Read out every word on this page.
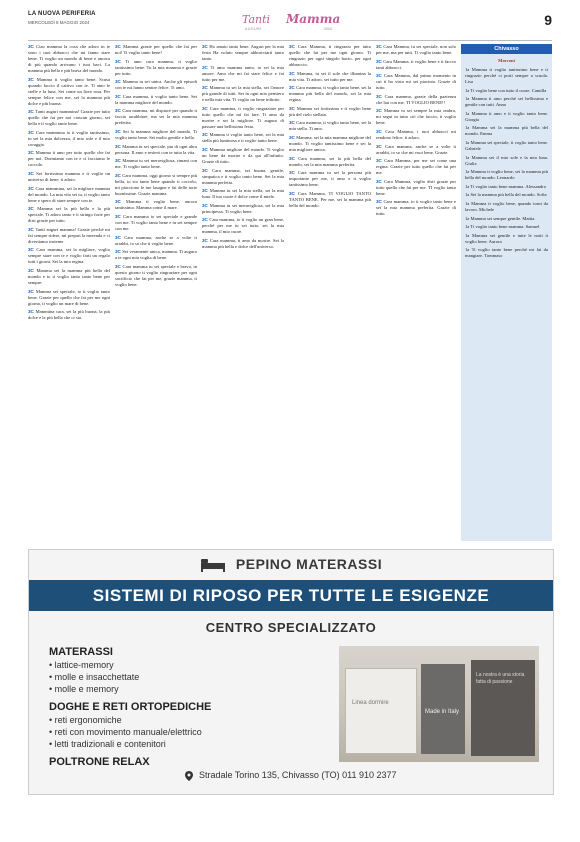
LA NUOVA PERIFERIA
MERCOLEDÌ 8 MAGGIO 2024	Tanti Mamma
AUGURI	2024
9

3C Ciao mamma la cosa che adoro in te sono i tuoi abbracci che mi fanno stare bene. Ti voglio un mondo di bene e ancora di più quando arrivano i tuoi baci. La mamma più bella e più brava del mondo.

3C Mamma ti voglio tanto bene. Scusa quando faccio il cattivo con te. Ti amo le stelle e la luna. Sei come un fiore rosa. Per sempre felice con me, sei la mamma più dolce e più buona.

3C Tanti auguri mammina! Grazie per tutto quello che fai per noi ciascun giorno, sei bella e ti voglio tanto bene.

3C Cara mammina io ti voglio tantissimo, tu sei la mia dolcezza, il mio sole e il mio coraggio.

3C Mamma ti amo per tutto quello che fai per noi. Dormiamo con te e ci facciamo le coccole.

3C Sei fortissima mamma e ti voglio un universo di bene, ti adoro.

3C Cara mammina, sei la migliore mamma del mondo. La mia vita sei tu, ti voglio tanto bene e spero di stare sempre con te.

3C Mamma sei la più bella e la più speciale. Ti adoro tanto e ti stringo forte per dirti grazie per tutto.

3C Tanti auguri mamma! Grazie perché mi fai sempre ridere, mi prepari la merenda e ci divertiamo insieme.

3C Cara mamma, sei la migliore, voglio sempre stare con te e voglio farti un regalo tutti i giorni. Sei la mia regina.

3C Mamma sei la mamma più bella del mondo e io ti voglio tanto tanto bene per sempre.

3C Mamma sei speciale, io ti voglio tanto bene. Grazie per quello che fai per me ogni giorno, ti voglio un mare di bene.

3C Mammina cara, sei la più buona, la più dolce e la più bella che ci sia.

3C Mamma grazie per quello che fai per noi! Ti voglio tanto bene!

3C Ti amo cara mamma, ti voglio tantissimo bene. Tu la mia mamma e grazie per tutto.

3C Mamma tu sei unica. Anche gli episodi con te mi fanno sentire felice. Ti amo.

3C Cara mamma, ti voglio tanto bene. Sei la mamma migliore del mondo.

3C Cara mamma, mi dispiace per quando ti faccio arrabbiare, ma sei la mia mamma preferita.

3C Sei la mamma migliore del mondo. Ti voglio tanto bene. Sei molto gentile e bella.

3C Mamma tu sei speciale, piu di ogni altra persona. Il amo e resterò con te tutta la vita.

3C Mamma tu sei meravigliosa, rimani con me. Ti voglio tanto bene.

3C Cara mamma, oggi giorno si sempre più bella, io sto tanto bene quando ti coccolo, mi piacciono le tue lasagne e fai delle torte buonissime. Grazie mamma.

3C Mamma ti voglio bene, ancora tantissimo. Mamma come il mare.

3C Cara mamma io sei speciale e grande con me. Ti voglio tanto bene e tu sei sempre con me.

3C Cara mamma, anche se a volte ti arrabbi, io so che ti voglio bene.

3C Sei veramente unica, mamma. Ti auguro a te ogni mia voglia di bene.

3C Cara mamma tu sei speciale e brava, in questo giorno ti voglio ringraziare per ogni sacrificio che fai per me, grazie mamma, ti voglio bene.

3C Ho amato tanto bene. Auguri per la mia festa Ha voluto sempre abbracciarti tanto tanto.

3C Ti amo mamma tanto, io sei la mia amore. Amo che mi fai stare felice e fai tutto per me.

3C Mamma tu sei la mia stella, sei l'amore più grande di tutti. Sei in ogni mio pensiero e nella mia vita. Ti voglio un bene infinito.

3C Cara mamma, ti voglio ringraziare per tutto quello che mi fai fare. Ti amo da morire e sei la migliore. Ti auguro di passare una bellissima festa.

3C Mamma ti voglio tanto bene, sei la mia stella più luminosa e ti voglio tanto bene.

3C Mamma migliore del mondo. Ti voglio un bene da morire e da qui all'infinito. Grazie di tutto.

3C Cara mamma, sei buona, gentile, simpatica e ti voglio tanto bene. Sei la mia mamma perfetta.

3C Mamma tu sei la mia stella, sei la mia luna. Il tuo cuore è dolce come il miele.

3C Mamma tu sei meravigliosa, sei la mia principessa. Ti voglio bene.

3C Cara mamma, io ti voglio un gran bene, perché per me tu sei tutto, sei la mia mamma, il mio cuore.

3C Cara mamma, ti amo da morire. Sei la mamma più bella e dolce dell'universo.

3C Cara Mamma, ti ringrazio per tutto quello che fai per me ogni giorno. Ti ringrazio per ogni singolo bacio, per ogni abbraccio.

3C Mamma, tu sei il sole che illumina la mia vita. Ti adoro, sei tutto per me.

3C Cara mamma, ti voglio tanto bene, sei la mamma più bella del mondo, sei la mia regina.

3C Mamma sei fortissima e ti voglio bene più del cielo stellato.

3C Cara mamma, ti voglio tanto bene, sei la mia stella. Ti amo.

3C Mamma, sei la mia mamma migliore del mondo. Ti voglio tantissimo bene e sei la mia migliore amica.

3C Cara mamma, sei la più bella del mondo, sei la mia mamma preferita.

3C Cara mamma tu sei la persona più importante per me, ti amo e ti voglio tantissimo bene.

3C Cara Mamma, TI VOGLIO TANTO TANTO BENE. Per me, sei la mamma più bella del mondo.

3C Cara Mamma, tu sei speciale, non solo per me, ma per tutti. Ti voglio tanto bene.

3C Cara Mamma, ti voglio bene e ti faccio tanti abbracci.

3C Cara Mamma, dal primo momento in cui ti ho visto mi sei piaciuta. Grazie di tutto.

3C Cara mamma, grazie della pazienza che hai con me. TI VOGLIO BENE!!

3C Mamma tu sei sempre la mia ombra, mi segui in tutto ciò che faccio, ti voglio bene.

3C Cara Mamma, i tuoi abbracci mi rendono felice, ti adoro.

3C Cara mamma, anche se a volte ti arrabbi, io so che mi vuoi bene. Grazie.

3C Cara Mamma, per me sei come una regina. Grazie per tutto quello che fai per me.

3C Cara Mamma, voglio dirti grazie per tutto quello che fai per me. TI voglio tanto bene.

3C Cara mamma, io ti voglio tanto bene e sei la mia mamma preferita. Grazie di tutto.

Chivasso
Marconi

1a Mamma ti voglio tantissimo bene e ti ringrazio perché ci porti sempre a scuola. Lisa

1a Ti voglio bene con tutto il cuore. Camilla

1a Mamma ti amo perché sei bellissima e gentile con tutti. Anna

1a Mamma ti amo e ti voglio tanto bene. Giorgia

1a Mamma sei la mamma più bella del mondo. Emma

1a Mamma sei speciale, ti voglio tanto bene. Gabriele

1a Mamma sei il mio sole e la mia luna. Giulia

1a Mamma ti voglio bene, sei la mamma più bella del mondo. Leonardo

1a Ti voglio tanto bene mamma. Alessandro

1a Sei la mamma più bella del mondo. Sofia

1a Mamma ti voglio bene, quando torni da lavoro. Michele

1a Mamma sei sempre gentile. Mattia

1a Ti voglio tanto bene mamma. Samuel

1a Mamma sei gentile e tutte le notti ti voglio bene. Aurora

1a Ti voglio tanto bene perché mi fai da mangiare. Tommaso

PEPINO MATERASSI
SISTEMI DI RIPOSO PER TUTTE LE ESIGENZE
CENTRO SPECIALIZZATO
MATERASSI
• lattice-memory
• molle e insacchettate
• molle e memory
DOGHE E RETI ORTOPEDICHE
• reti ergonomiche
• reti con movimento manuale/elettrico
• letti tradizionali e contenitori
POLTRONE RELAX
Linea dormire
Made in Italy
La nostra è una storia fatta di passione
Stradale Torino 135, Chivasso (TO) 011 910 2377
